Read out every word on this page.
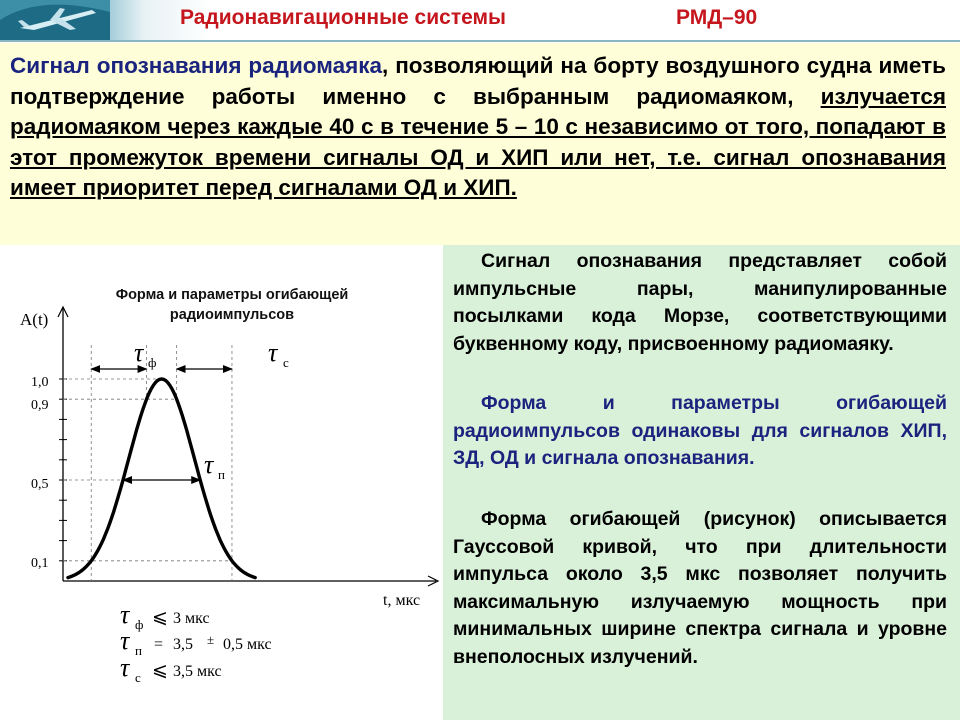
Радионавигационные системы	РМД–90
Сигнал опознавания радиомаяка, позволяющий на борту воздушного судна иметь подтверждение работы именно с выбранным радиомаяком, излучается радиомаяком через каждые 40 с в течение 5 – 10 с независимо от того, попадают в этот промежуток времени сигналы ОД и ХИП или нет, т.е. сигнал опознавания имеет приоритет перед сигналами ОД и ХИП.
Сигнал опознавания представляет собой импульсные пары, манипулированные посылками кода Морзе, соответствующими буквенному коду, присвоенному радиомаяку.
Форма и параметры огибающей радиоимпульсов одинаковы для сигналов ХИП, ЗД, ОД и сигнала опознавания.
Форма огибающей (рисунок) описывается Гауссовой кривой, что при длительности импульса около 3,5 мкс позволяет получить максимальную излучаемую мощность при минимальных ширине спектра сигнала и уровне внеполосных излучений.
Форма и параметры огибающей радиоимпульсов
A(t)
t, мкс
1,0
0,9
0,5
0,1
τ ф	τ с
τ п
τ ф ⩽ 3 мкс
τ п = 3,5 ± 0,5 мкс
τ с ⩽ 3,5 мкс
